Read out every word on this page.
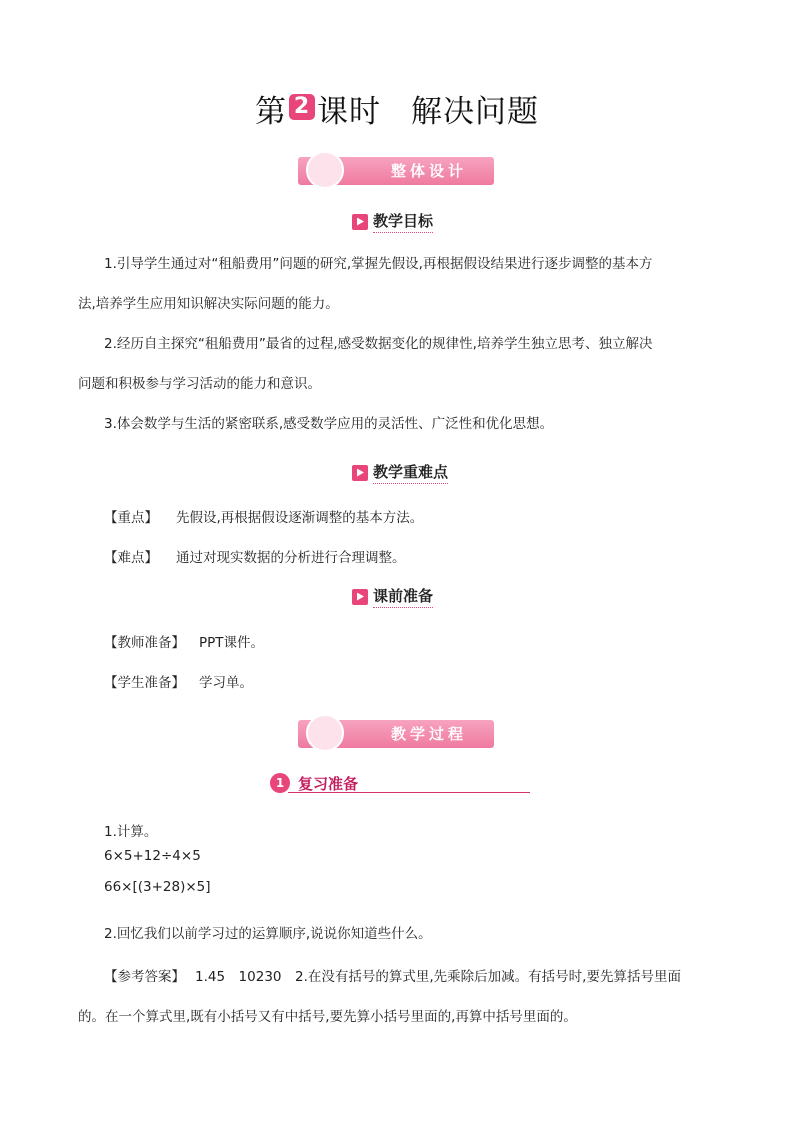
第 2 课时 解决问题
整体设计
教学目标
1.引导学生通过对“租船费用”问题的研究,掌握先假设,再根据假设结果进行逐步调整的基本方
法,培养学生应用知识解决实际问题的能力。
2.经历自主探究“租船费用”最省的过程,感受数据变化的规律性,培养学生独立思考、独立解决
问题和积极参与学习活动的能力和意识。
3.体会数学与生活的紧密联系,感受数学应用的灵活性、广泛性和优化思想。
教学重难点
【重点】 先假设,再根据假设逐渐调整的基本方法。
【难点】 通过对现实数据的分析进行合理调整。
课前准备
【教师准备】 PPT课件。
【学生准备】 学习单。
教学过程
1 复习准备
1.计算。
6×5+12÷4×5
66×[(3+28)×5]
2.回忆我们以前学习过的运算顺序,说说你知道些什么。
【参考答案】 1.45　10230　2.在没有括号的算式里,先乘除后加减。有括号时,要先算括号里面
的。在一个算式里,既有小括号又有中括号,要先算小括号里面的,再算中括号里面的。
